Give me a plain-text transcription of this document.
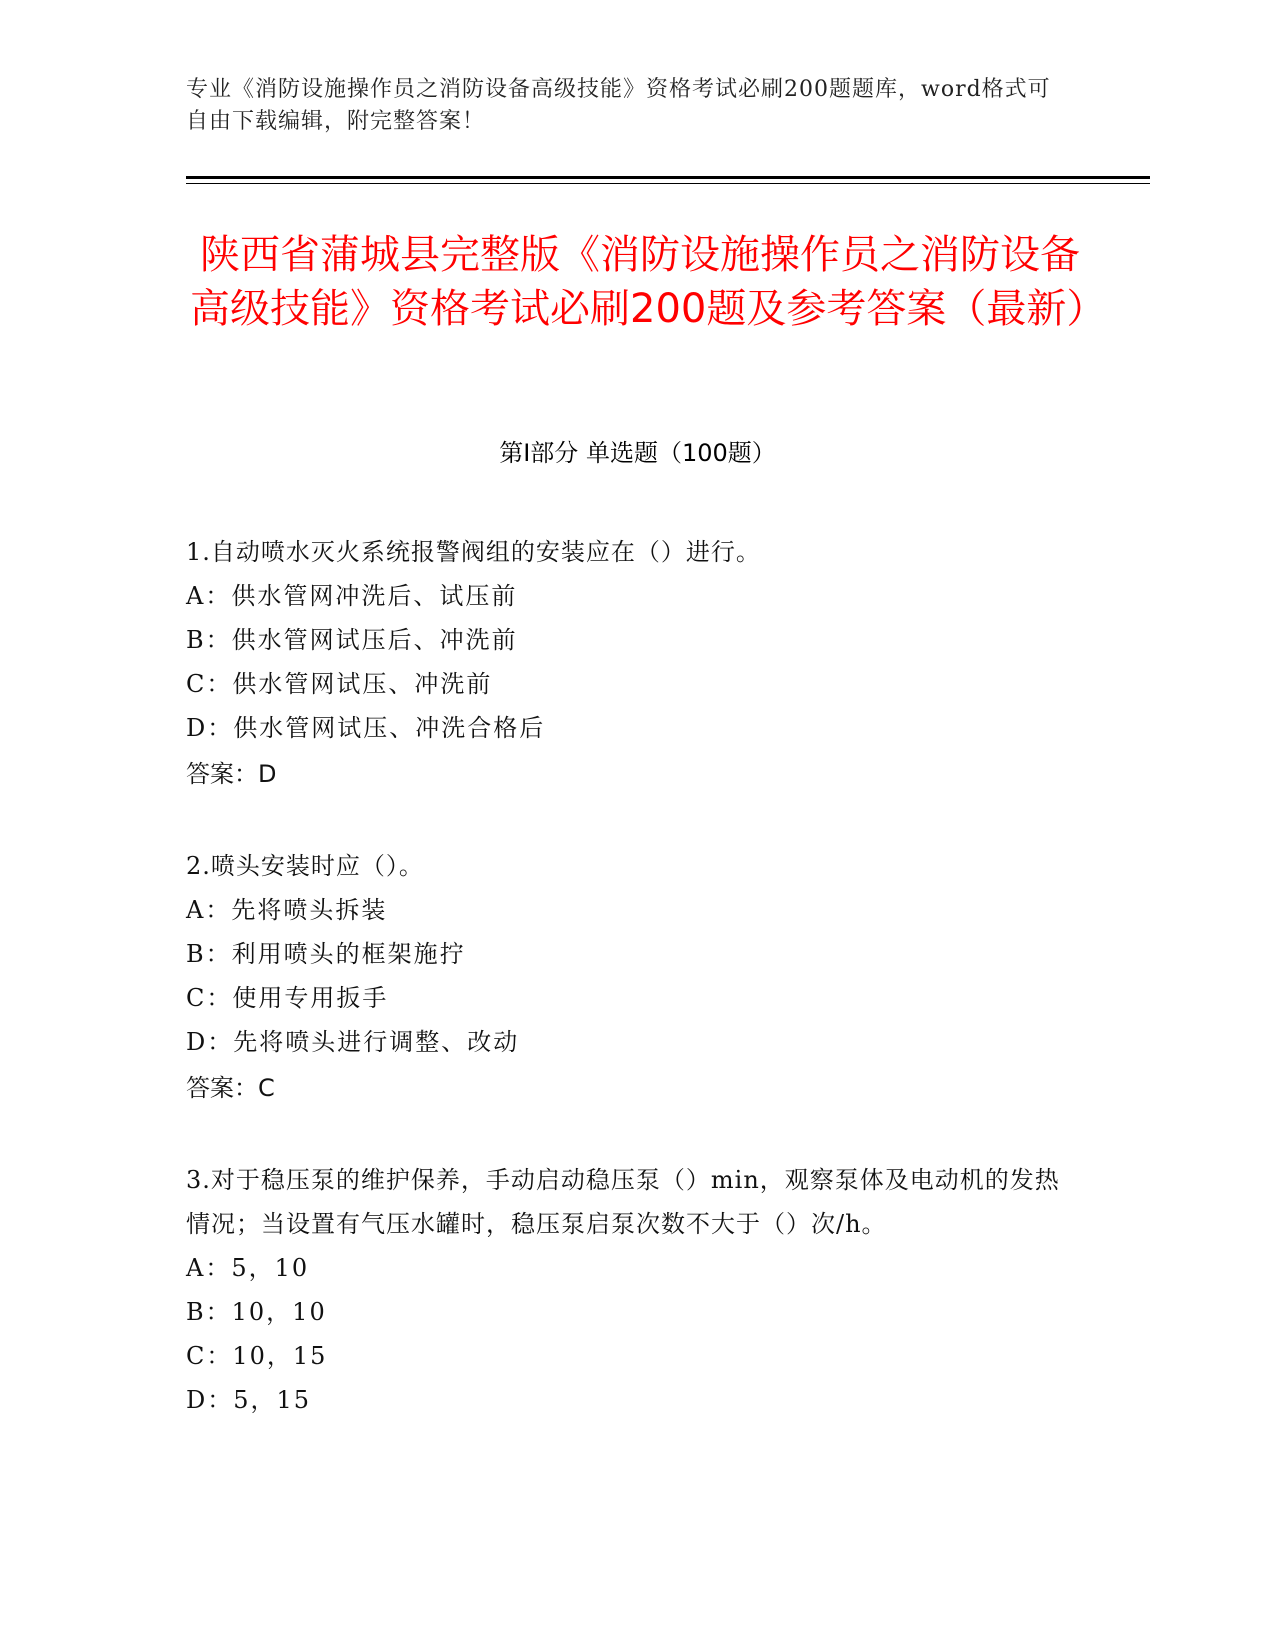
专业《消防设施操作员之消防设备高级技能》资格考试必刷200题题库，word格式可自由下载编辑，附完整答案！
陕西省蒲城县完整版《消防设施操作员之消防设备高级技能》资格考试必刷200题及参考答案（最新）
第I部分 单选题（100题）

1.自动喷水灭火系统报警阀组的安装应在（）进行。

A：供水管网冲洗后、试压前

B：供水管网试压后、冲洗前

C：供水管网试压、冲洗前

D：供水管网试压、冲洗合格后

答案：D

2.喷头安装时应（）。

A：先将喷头拆装

B：利用喷头的框架施拧

C：使用专用扳手

D：先将喷头进行调整、改动

答案：C

3.对于稳压泵的维护保养，手动启动稳压泵（）min，观察泵体及电动机的发热情况；当设置有气压水罐时，稳压泵启泵次数不大于（）次/h。

A：5，10

B：10，10

C：10，15

D：5，15
